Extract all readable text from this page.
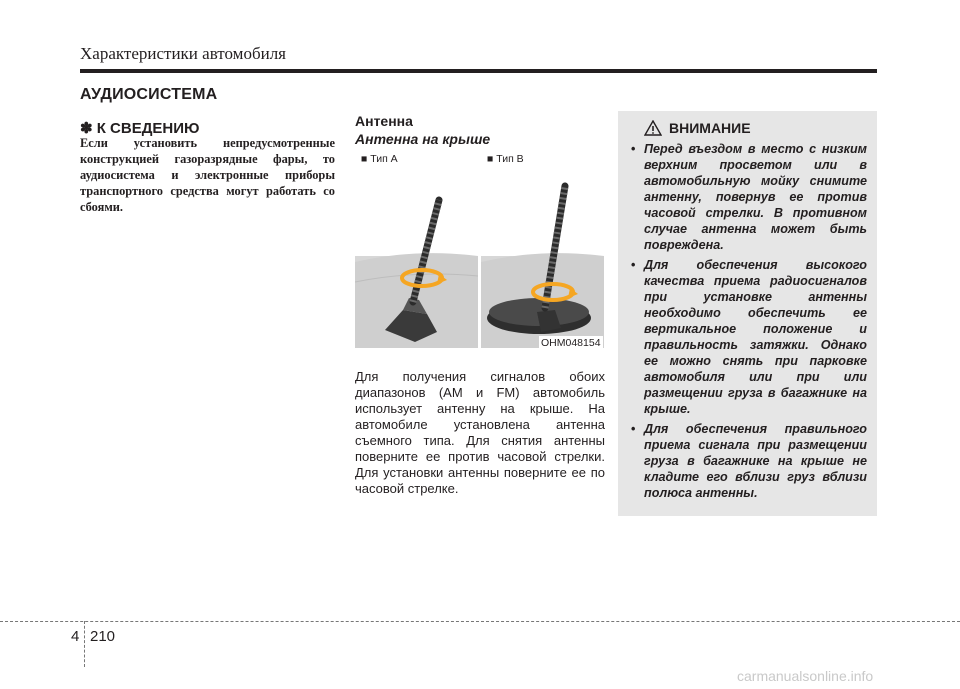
Характеристики автомобиля
АУДИОСИСТЕМА
✽ К СВЕДЕНИЮ
Если установить непредусмотренные конструкцией газоразрядные фары, то аудиосистема и электронные приборы транспортного средства могут работать со сбоями.
Антенна
Антенна на крыше
■ Тип A	■ Тип B
OHM048154
Для получения сигналов обоих диапазонов (AM и FM) автомобиль использует антенну на крыше. На автомобиле установлена антенна съемного типа. Для снятия антенны поверните ее против часовой стрелки. Для установки антенны поверните ее по часовой стрелке.
ВНИМАНИЕ
• Перед въездом в место с низким верхним просветом или в автомобильную мойку снимите антенну, повернув ее против часовой стрелки. В противном случае антенна может быть повреждена.
• Для обеспечения высокого качества приема радиосигналов при установке антенны необходимо обеспечить ее вертикальное положение и правильность затяжки. Однако ее можно снять при парковке автомобиля или при или размещении груза в багажнике на крыше.
• Для обеспечения правильного приема сигнала при размещении груза в багажнике на крыше не кладите его вблизи груз вблизи полюса антенны.
4 210
carmanualsonline.info
